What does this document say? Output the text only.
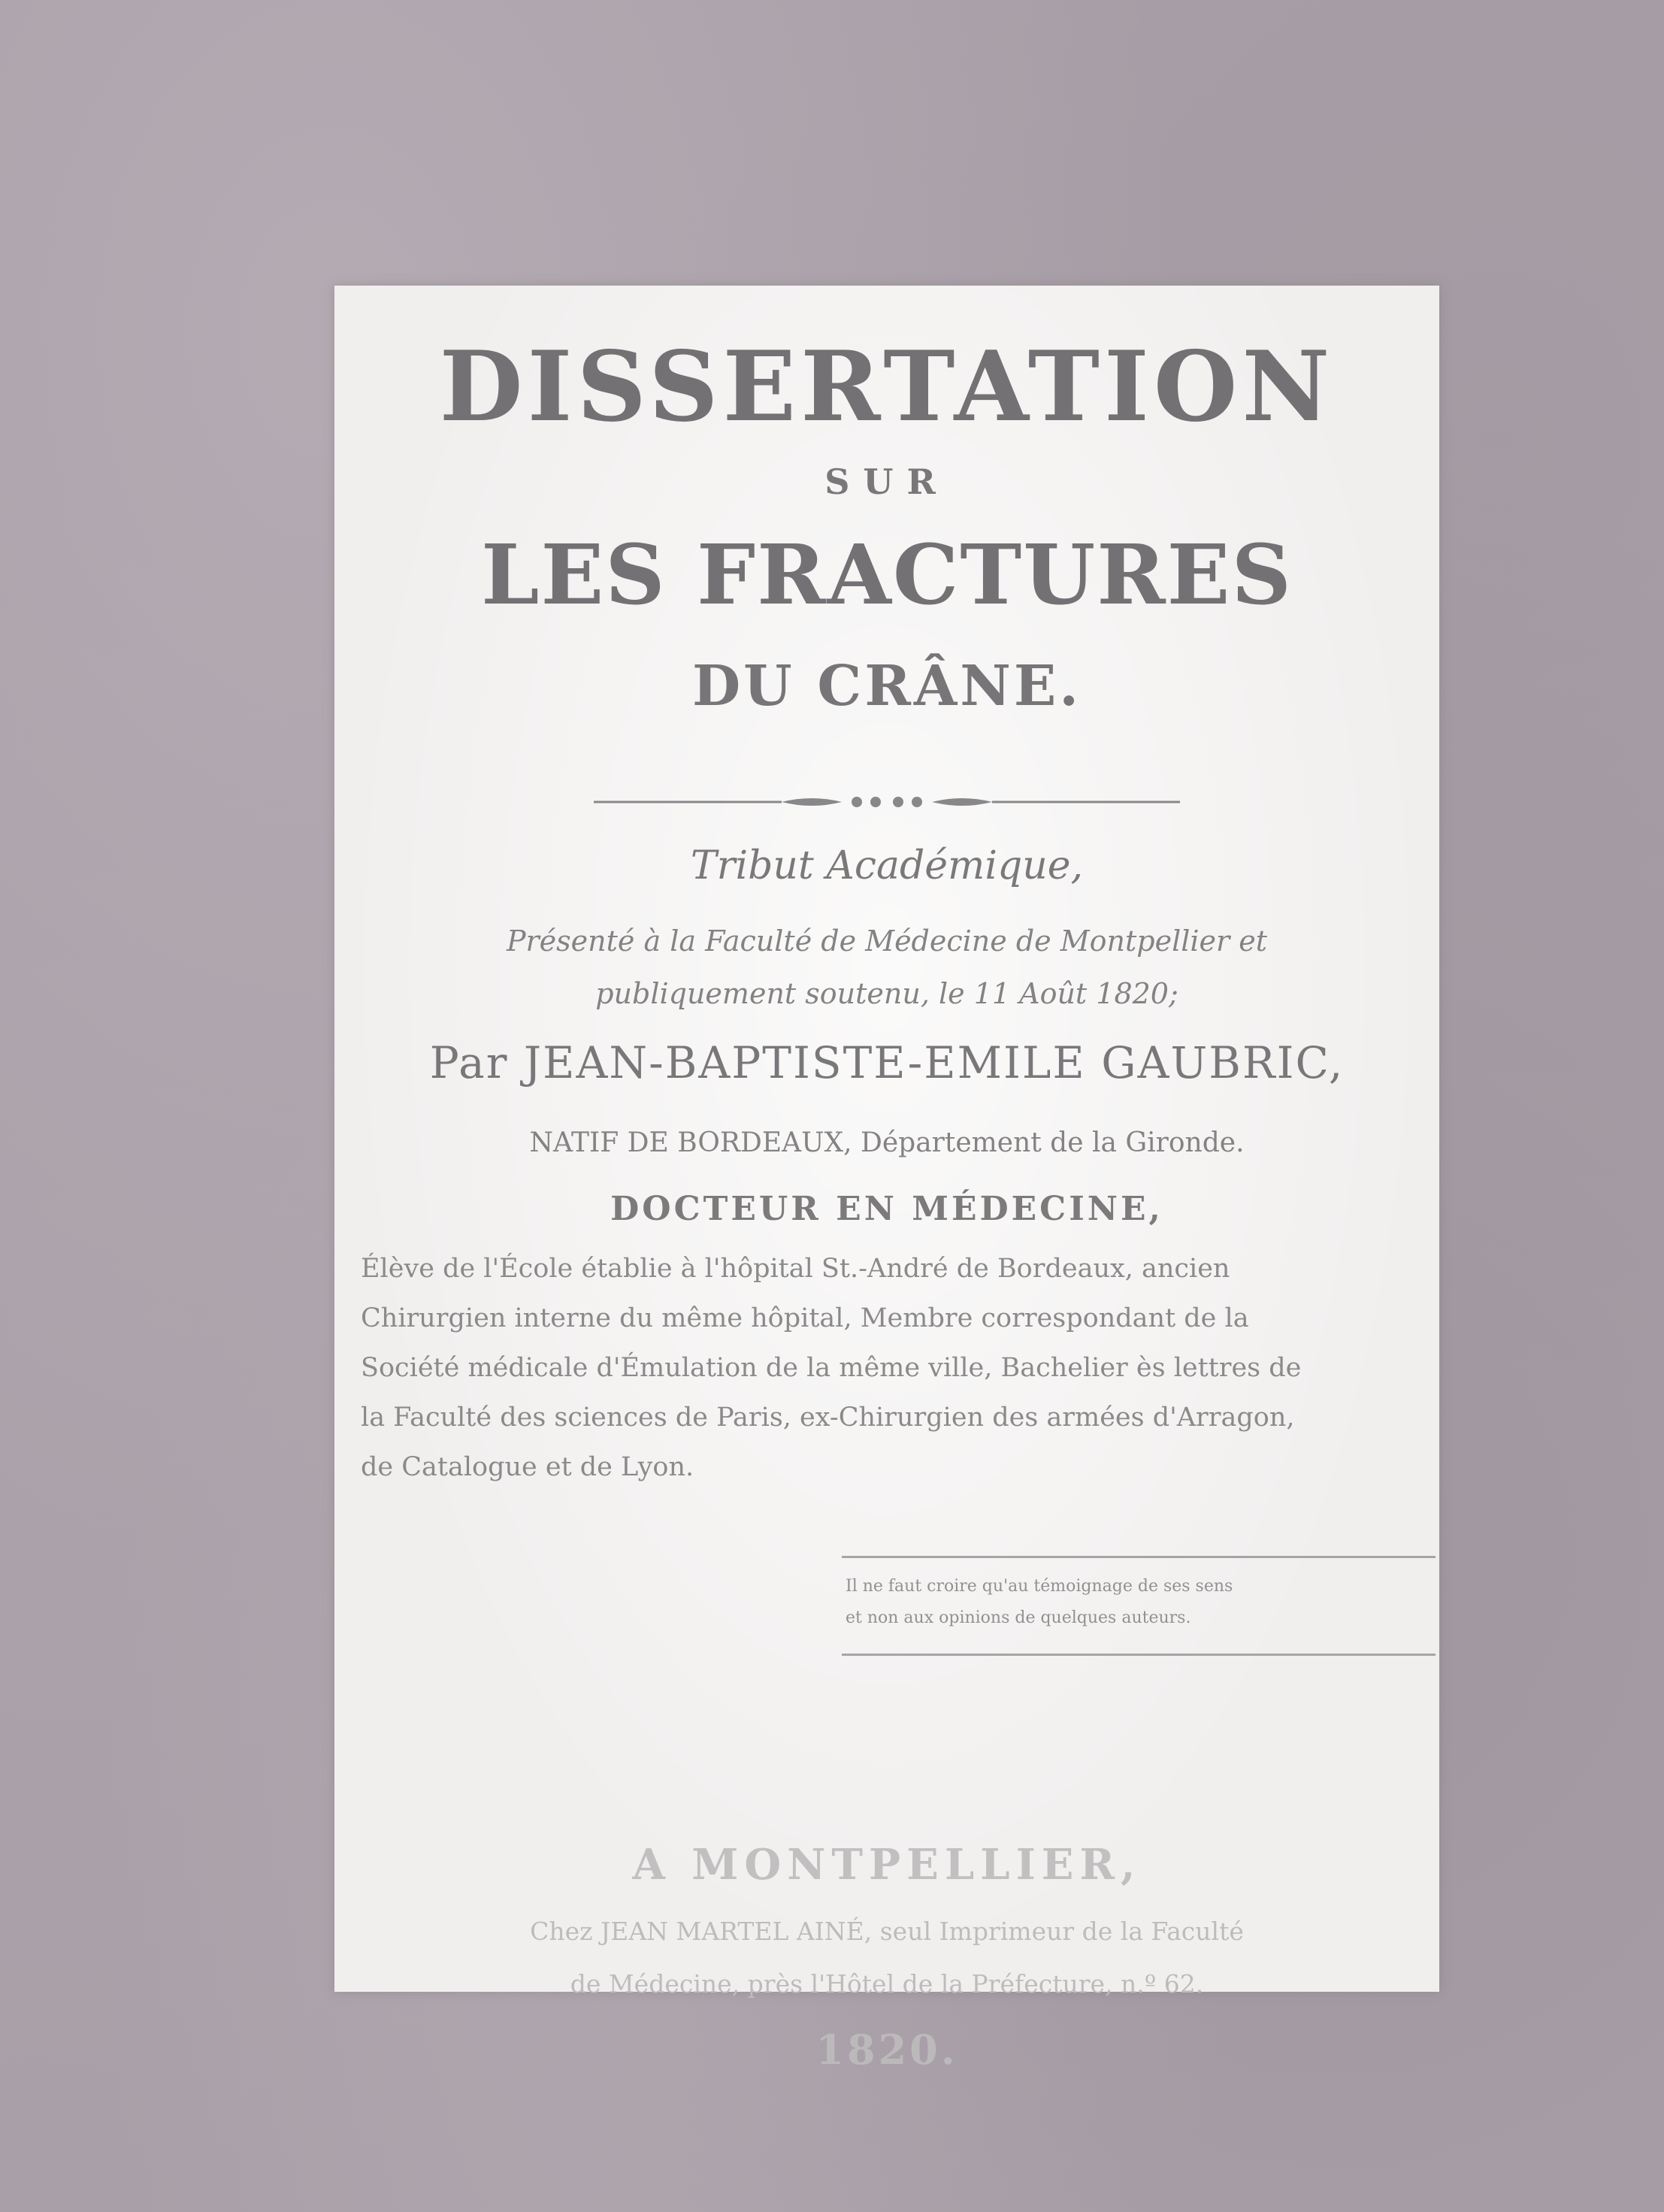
DISSERTATION

SUR

LES FRACTURES

DU CRÂNE.

Tribut Académique,

Présenté à la Faculté de Médecine de Montpellier et

publiquement soutenu, le 11 Août 1820;

Par JEAN-BAPTISTE-EMILE GAUBRIC,

NATIF DE BORDEAUX, Département de la Gironde.

DOCTEUR EN MÉDECINE,

Élève de l'École établie à l'hôpital St.-André de Bordeaux, ancien
Chirurgien interne du même hôpital, Membre correspondant de la
Société médicale d'Émulation de la même ville, Bachelier ès lettres de
la Faculté des sciences de Paris, ex-Chirurgien des armées d'Arragon,
de Catalogue et de Lyon.

Il ne faut croire qu'au témoignage de ses sens
et non aux opinions de quelques auteurs.

A MONTPELLIER,

Chez JEAN MARTEL AINÉ, seul Imprimeur de la Faculté

de Médecine, près l'Hôtel de la Préfecture, n.º 62.

1820.
